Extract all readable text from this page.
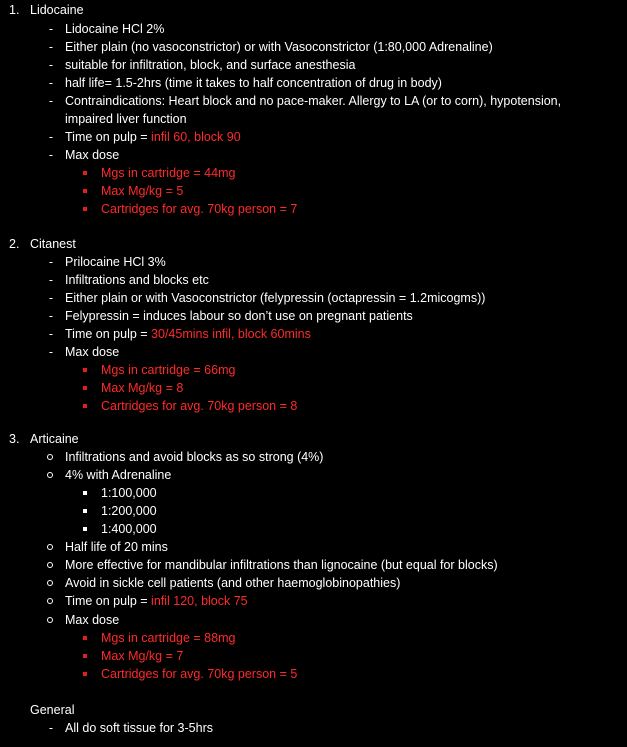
1. Lidocaine
- Lidocaine HCl 2%
- Either plain (no vasoconstrictor) or with Vasoconstrictor (1:80,000 Adrenaline)
- suitable for infiltration, block, and surface anesthesia
- half life= 1.5-2hrs (time it takes to half concentration of drug in body)
- Contraindications: Heart block and no pace-maker. Allergy to LA (or to corn), hypotension,
impaired liver function
- Time on pulp = infil 60, block 90
- Max dose
Mgs in cartridge = 44mg
Max Mg/kg = 5
Cartridges for avg. 70kg person = 7
2. Citanest
- Prilocaine HCl 3%
- Infiltrations and blocks etc
- Either plain or with Vasoconstrictor (felypressin (octapressin = 1.2micogms))
- Felypressin = induces labour so don’t use on pregnant patients
- Time on pulp = 30/45mins infil, block 60mins
- Max dose
Mgs in cartridge = 66mg
Max Mg/kg = 8
Cartridges for avg. 70kg person = 8
3. Articaine
Infiltrations and avoid blocks as so strong (4%)
4% with Adrenaline
1:100,000
1:200,000
1:400,000
Half life of 20 mins
More effective for mandibular infiltrations than lignocaine (but equal for blocks)
Avoid in sickle cell patients (and other haemoglobinopathies)
Time on pulp = infil 120, block 75
Max dose
Mgs in cartridge = 88mg
Max Mg/kg = 7
Cartridges for avg. 70kg person = 5
General
- All do soft tissue for 3-5hrs
